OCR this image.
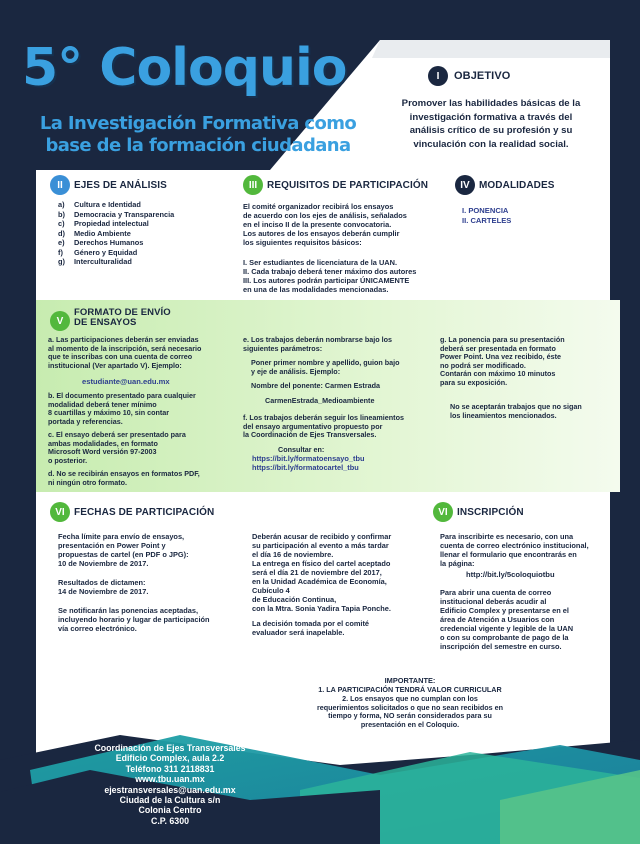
5° Coloquio
La Investigación Formativa como
base de la formación ciudadana
I	OBJETIVO
Promover las habilidades básicas de la
investigación formativa a través del
análisis crítico de su profesión y su
vinculación con la realidad social.
II	EJES DE ANÁLISIS
a)	Cultura e Identidad
b)	Democracia y Transparencia
c)	Propiedad intelectual
d)	Medio Ambiente
e)	Derechos Humanos
f)	Género y Equidad
g)	Interculturalidad
III REQUISITOS DE PARTICIPACIÓN
El comité organizador recibirá los ensayos
de acuerdo con los ejes de análisis, señalados
en el inciso II de la presente convocatoria.
Los autores de los ensayos deberán cumplir
los siguientes requisitos básicos:
I. Ser estudiantes de licenciatura de la UAN.
II. Cada trabajo deberá tener máximo dos autores
III. Los autores podrán participar ÚNICAMENTE
en una de las modalidades mencionadas.
IV MODALIDADES
I. PONENCIA
II. CARTELES
V
FORMATO DE ENVÍO
DE ENSAYOS
a. Las participaciones deberán ser enviadas
al momento de la inscripción, será necesario
que te inscribas con una cuenta de correo
institucional (Ver apartado V). Ejemplo:
estudiante@uan.edu.mx
b. El documento presentado para cualquier
modalidad deberá tener mínimo
8 cuartillas y máximo 10, sin contar
portada y referencias.
c. El ensayo deberá ser presentado para
ambas modalidades, en formato
Microsoft Word versión 97-2003
o posterior.
d. No se recibirán ensayos en formatos PDF,
ni ningún otro formato.
e. Los trabajos deberán nombrarse bajo los
siguientes parámetros:
Poner primer nombre y apellido, guion bajo
y eje de análisis. Ejemplo:
Nombre del ponente: Carmen Estrada
CarmenEstrada_Medioambiente
f. Los trabajos deberán seguir los lineamientos
del ensayo argumentativo propuesto por
la Coordinación de Ejes Transversales.
Consultar en:
https://bit.ly/formatoensayo_tbu
https://bit.ly/formatocartel_tbu
g. La ponencia para su presentación
deberá ser presentada en formato
Power Point. Una vez recibido, éste
no podrá ser modificado.
Contarán con máximo 10 minutos
para su exposición.
No se aceptarán trabajos que no sigan
los lineamientos mencionados.
VI FECHAS DE PARTICIPACIÓN
Fecha límite para envío de ensayos,
presentación en Power Point y
propuestas de cartel (en PDF o JPG):
10 de Noviembre de 2017.
Resultados de dictamen:
14 de Noviembre de 2017.
Se notificarán las ponencias aceptadas,
incluyendo horario y lugar de participación
vía correo electrónico.
Deberán acusar de recibido y confirmar
su participación al evento a más tardar
el día 16 de noviembre.
La entrega en físico del cartel aceptado
será el día 21 de noviembre del 2017,
en la Unidad Académica de Economía,
Cubículo 4
de Educación Continua,
con la Mtra. Sonia Yadira Tapia Ponche.
La decisión tomada por el comité
evaluador será inapelable.
VI INSCRIPCIÓN
Para inscribirte es necesario, con una
cuenta de correo electrónico institucional,
llenar el formulario que encontrarás en
la página:
http://bit.ly/5coloquiotbu
Para abrir una cuenta de correo
institucional deberás acudir al
Edificio Complex y presentarse en el
área de Atención a Usuarios con
credencial vigente y legible de la UAN
o con su comprobante de pago de la
inscripción del semestre en curso.
IMPORTANTE:
1. LA PARTICIPACIÓN TENDRÁ VALOR CURRICULAR
2. Los ensayos que no cumplan con los
requerimientos solicitados o que no sean recibidos en
tiempo y forma, NO serán considerados para su
presentación en el Coloquio.
Coordinación de Ejes Transversales
Edificio Complex, aula 2.2
Teléfono 311 2118831
www.tbu.uan.mx
ejestransversales@uan.edu.mx
Ciudad de la Cultura s/n
Colonia Centro
C.P. 6300
